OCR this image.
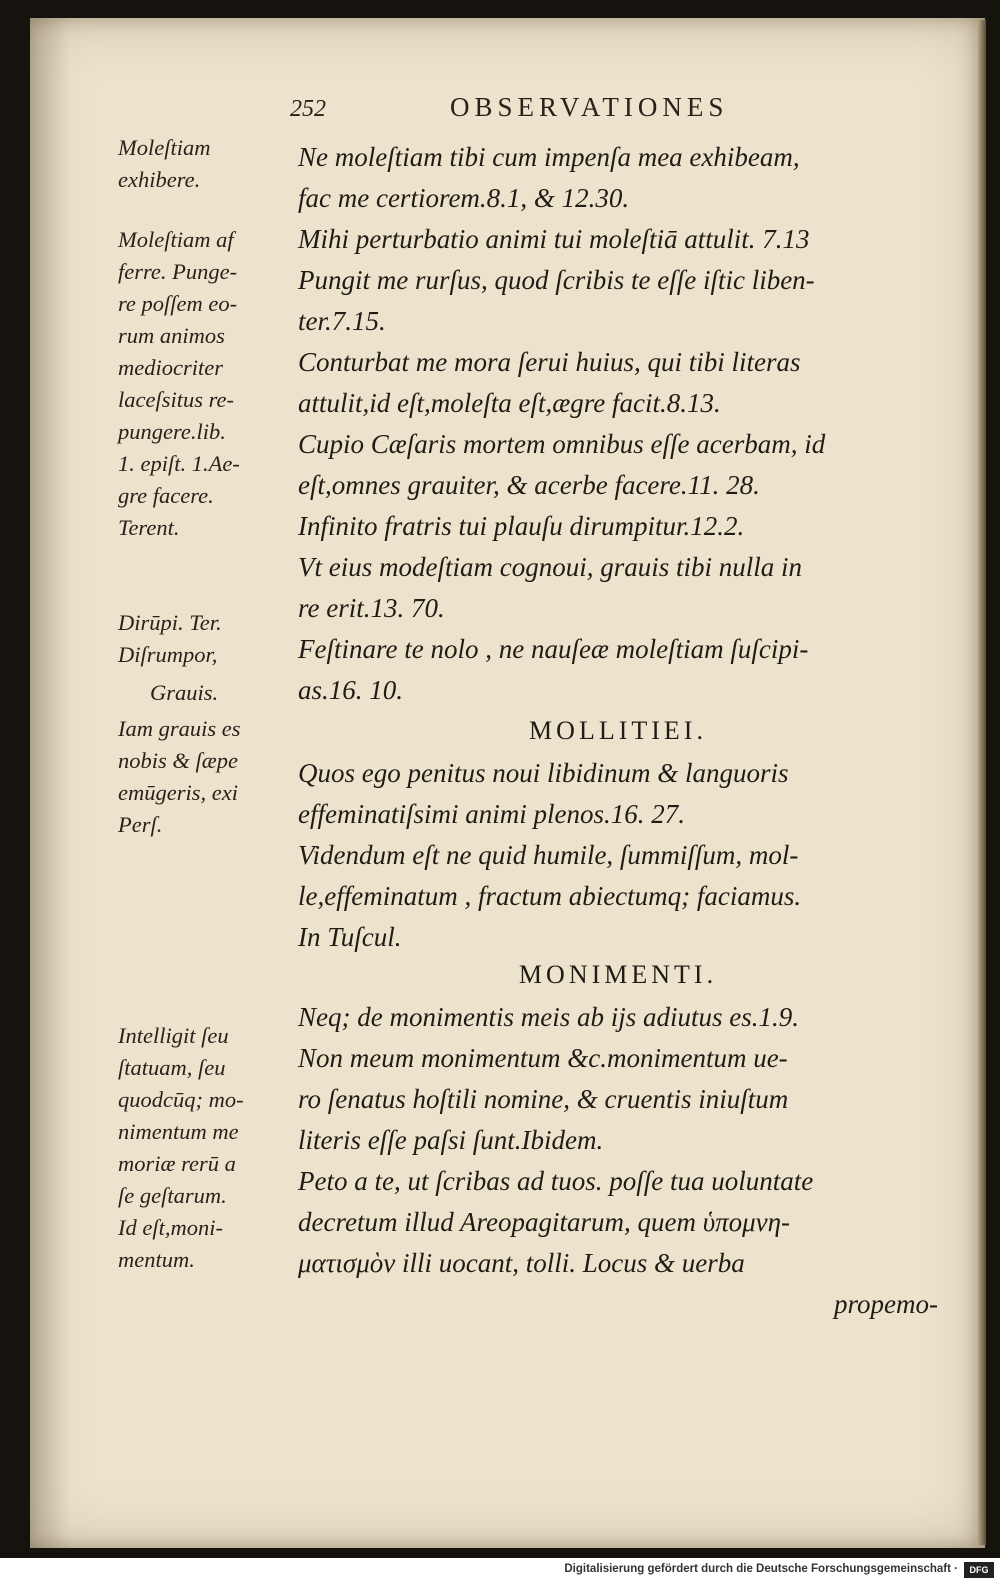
252	OBSERVATIONES
Moleſtiam
exhibere.
Moleſtiam af
ferre. Punge-
re poſſem eo-
rum animos
mediocriter
laceſsitus re-
pungere.lib.
1. epiſt. 1.Ae-
gre facere.
Terent.
Dirūpi. Ter.
Diſrumpor,
Grauis.
Iam grauis es
nobis & ſæpe
emūgeris, exi
Perſ.
Intelligit ſeu
ſtatuam, ſeu
quodcūq; mo-
nimentum me
moriæ rerū a
ſe geſtarum.
Id eſt,moni-
mentum.
Ne moleſtiam tibi cum impenſa mea exhibeam,
fac me certiorem.8.1, & 12.30.
Mihi perturbatio animi tui moleſtiā attulit. 7.13
Pungit me rurſus, quod ſcribis te eſſe iſtic liben-
ter.7.15.
Conturbat me mora ſerui huius, qui tibi literas
attulit,id eſt,moleſta eſt,ægre facit.8.13.
Cupio Cæſaris mortem omnibus eſſe acerbam, id
eſt,omnes grauiter, & acerbe facere.11. 28.
Infinito fratris tui plauſu dirumpitur.12.2.
Vt eius modeſtiam cognoui, grauis tibi nulla in
re erit.13. 70.
Feſtinare te nolo , ne nauſeæ moleſtiam ſuſcipi-
as.16. 10.
MOLLITIEI.
Quos ego penitus noui libidinum & languoris
effeminatiſsimi animi plenos.16. 27.
Videndum eſt ne quid humile, ſummiſſum, mol-
le,effeminatum , fractum abiectumq; faciamus.
In Tuſcul.
MONIMENTI.
Neq; de monimentis meis ab ijs adiutus es.1.9.
Non meum monimentum &c.monimentum ue-
ro ſenatus hoſtili nomine, & cruentis iniuſtum
literis eſſe paſsi ſunt.Ibidem.
Peto a te, ut ſcribas ad tuos. poſſe tua uoluntate
decretum illud Areopagitarum, quem ὑπομνη-
ματισμὸν illi uocant, tolli. Locus & uerba
propemo-
Digitalisierung gefördert durch die Deutsche Forschungsgemeinschaft ·	DFG
